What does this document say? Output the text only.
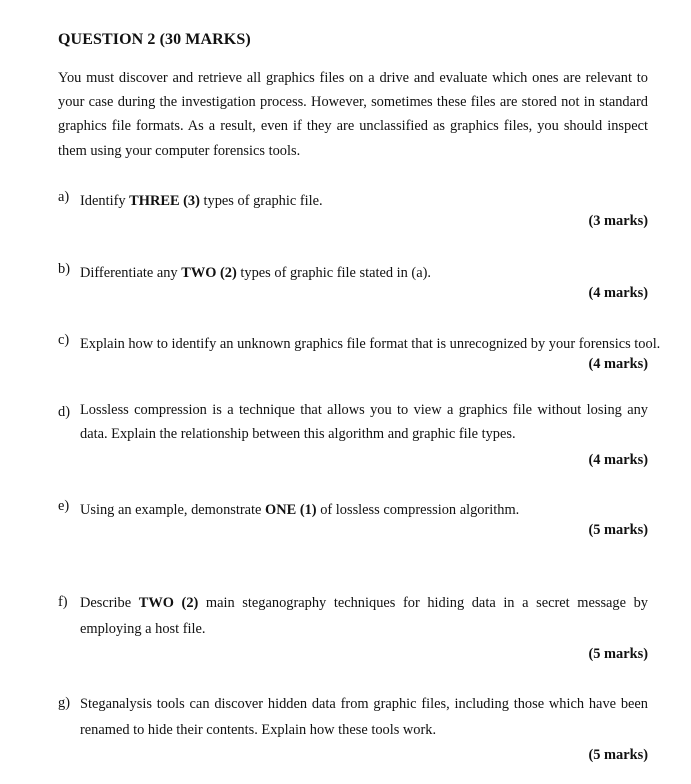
QUESTION 2 (30 MARKS)
You must discover and retrieve all graphics files on a drive and evaluate which ones are relevant to your case during the investigation process. However, sometimes these files are stored not in standard graphics file formats. As a result, even if they are unclassified as graphics files, you should inspect them using your computer forensics tools.
a) Identify THREE (3) types of graphic file.
(3 marks)
b) Differentiate any TWO (2) types of graphic file stated in (a).
(4 marks)
c) Explain how to identify an unknown graphics file format that is unrecognized by your forensics tool.
(4 marks)
d) Lossless compression is a technique that allows you to view a graphics file without losing any data. Explain the relationship between this algorithm and graphic file types.
(4 marks)
e) Using an example, demonstrate ONE (1) of lossless compression algorithm.
(5 marks)
f) Describe TWO (2) main steganography techniques for hiding data in a secret message by employing a host file.
(5 marks)
g) Steganalysis tools can discover hidden data from graphic files, including those which have been renamed to hide their contents. Explain how these tools work.
(5 marks)
